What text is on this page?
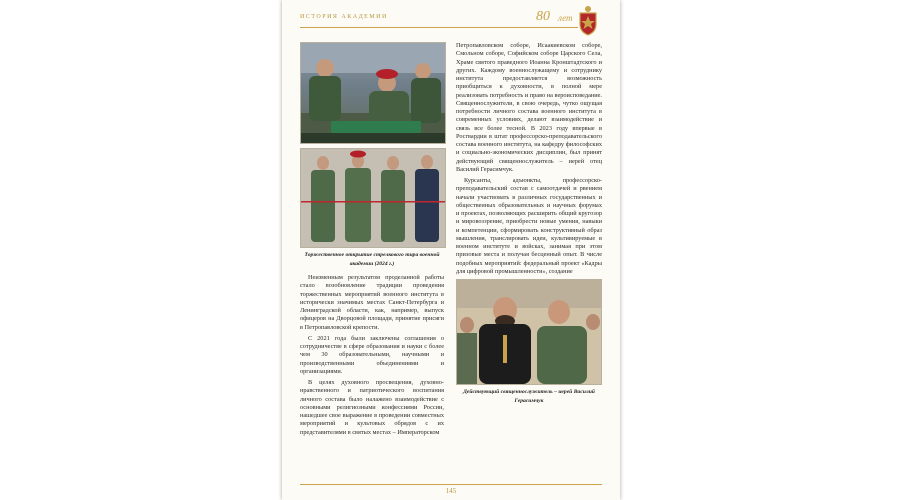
ИСТОРИЯ АКАДЕМИИ	80 лет
Торжественное открытие стрелкового тира военной академии (2024 г.)

Неизменным результатом проделанной работы стало возобновление традиции проведения торжественных мероприятий военного института в исторически значимых местах Санкт-Петербурга и Ленинградской области, как, например, выпуск офицеров на Дворцовой площади, принятие присяги в Петропавловской крепости.

С 2021 года были заключены соглашения о сотрудничестве в сфере образования и науки с более чем 30 образовательными, научными и производственными объединениями и организациями.

В целях духовного просвещения, духовно-нравственного и патриотического воспитания личного состава было налажено взаимодействие с основными религиозными конфессиями России, нашедшее свое выражение в проведении совместных мероприятий и культовых обрядов с их представителями в святых местах – Императорском

Петропавловском соборе, Исаакиевском соборе, Смольном соборе, Софийском соборе Царского Села, Храме святого праведного Иоанна Кронштадтского и других. Каждому военнослужащему и сотруднику института предоставляется возможность приобщиться к духовности, в полной мере реализовать потребность и право на вероисповедание. Священнослужители, в свою очередь, чутко ощущая потребности личного состава военного института в современных условиях, делают взаимодействие и связь все более тесной. В 2023 году впервые в Росгвардии в штат профессорско-преподавательского состава военного института, на кафедру философских и социально-экономических дисциплин, был принят действующий священнослужитель – иерей отец Василий Герасимчук.

Курсанты, адъюнкты, профессорско-преподавательский состав с самоотдачей и рвением начали участвовать в различных государственных и общественных образовательных и научных форумах и проектах, позволяющих расширить общий кругозор и мировоззрение, приобрести новые умения, навыки и компетенции, сформировать конструктивный образ мышления, транслировать идеи, культивируемые в военном институте и войсках, занимая при этом призовые места и получая бесценный опыт. В числе подобных мероприятий: федеральный проект «Кадры для цифровой промышленности», создание

Действующий священнослужитель – иерей Василий Герасимчук
145
